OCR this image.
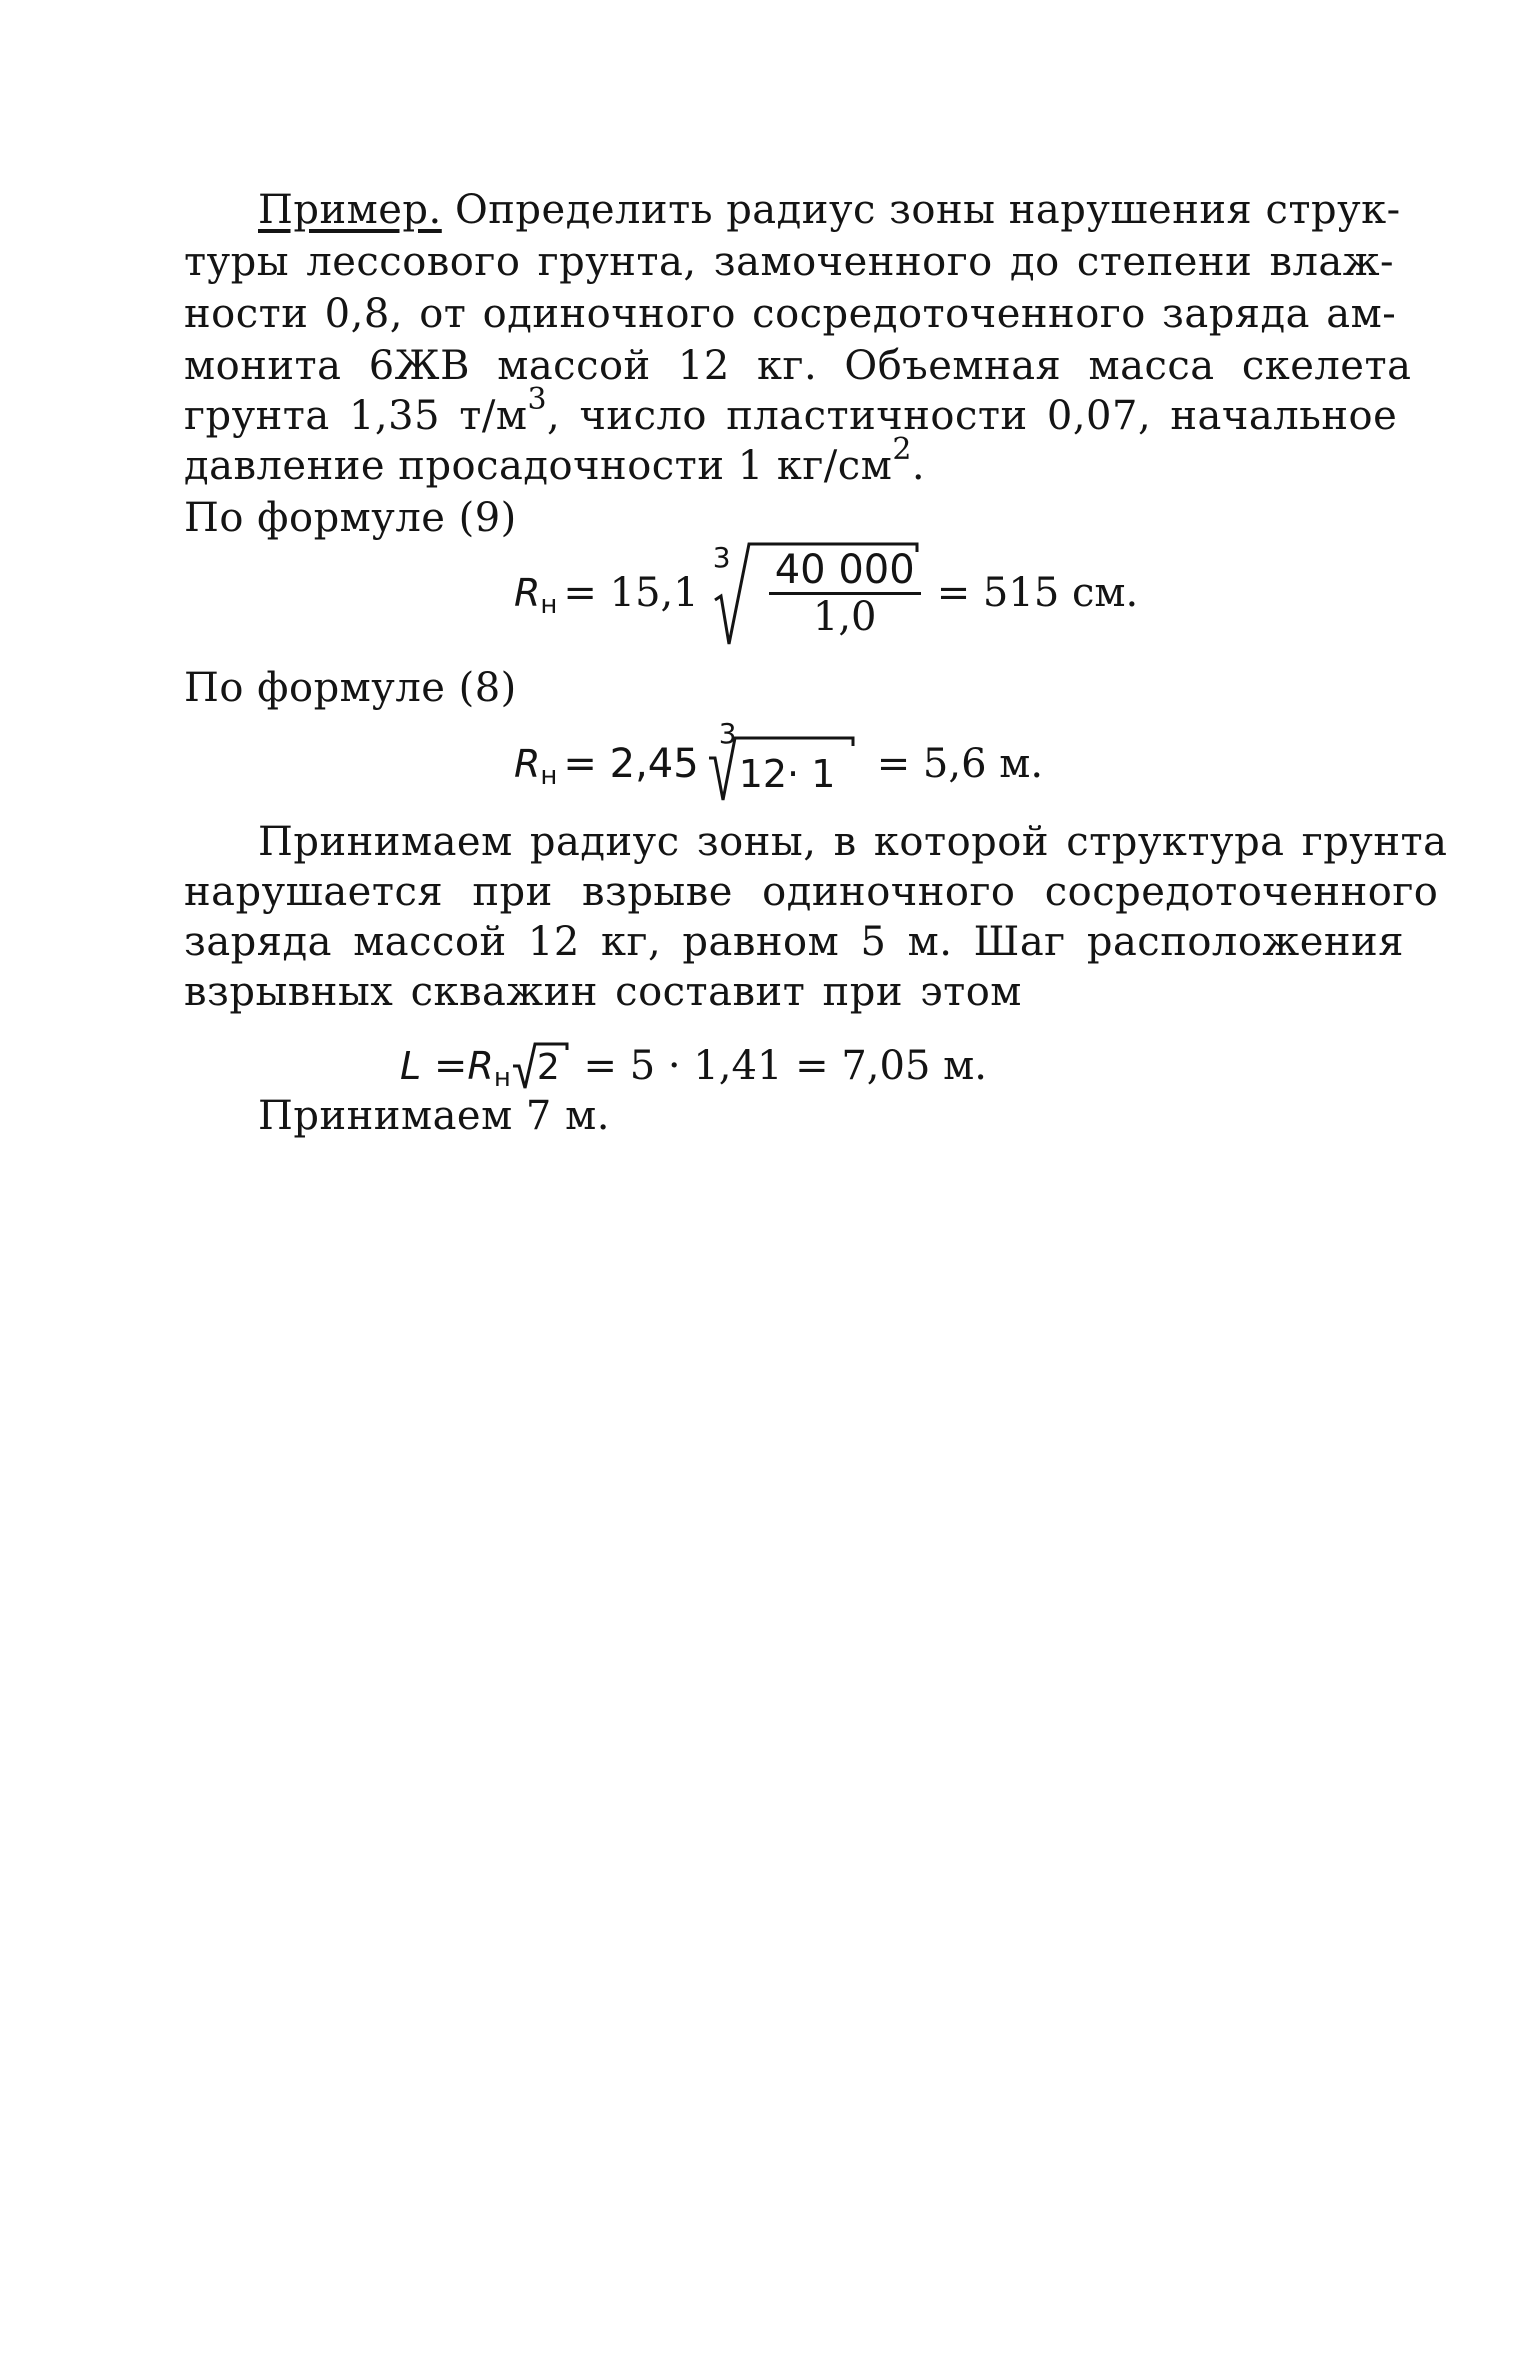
Пример. Определить радиус зоны нарушения струк-
туры лессового грунта, замоченного до степени влаж-
ности 0,8, от одиночного сосредоточенного заряда ам-
монита 6ЖВ массой 12 кг. Объемная масса скелета
грунта 1,35 $т/м^3$, число пластичности 0,07, начальное
давление просадочности 1 $кг/см^2$.
По формуле (9)
R н = 15,1

3

$\frac{40 000}{1,0}$

= 515 см.
По формуле (8)
R н = 2,45

3

12· 1

= 5,6 м.
Принимаем радиус зоны, в которой структура грунта
нарушается при взрыве одиночного сосредоточенного
заряда массой 12 кг, равном 5 м. Шаг расположения
взрывных скважин составит при этом
L = R н

2

= 5 · 1,41 = 7,05 м.
Принимаем 7 м.
